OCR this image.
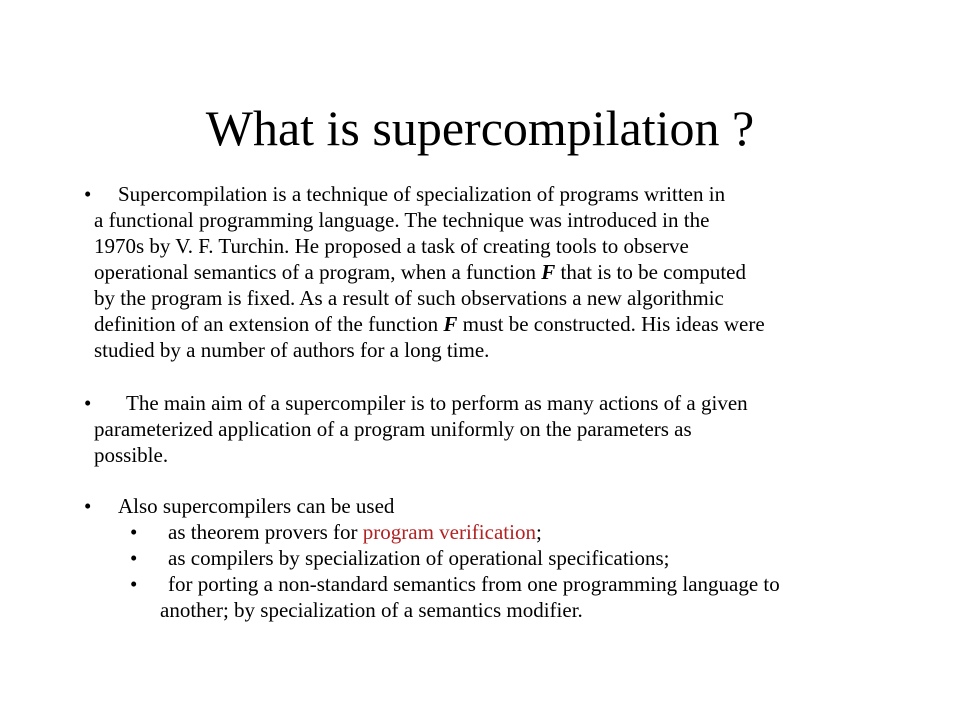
What is supercompilation ?
• Supercompilation is a technique of specialization of programs written in
a functional programming language. The technique was introduced in the
1970s by V. F. Turchin. He proposed a task of creating tools to observe
operational semantics of a program, when a function F that is to be computed
by the program is fixed. As a result of such observations a new algorithmic
definition of an extension of the function F must be constructed. His ideas were
studied by a number of authors for a long time.
• The main aim of a supercompiler is to perform as many actions of a given
parameterized application of a program uniformly on the parameters as
possible.
• Also supercompilers can be used
• as theorem provers for program verification;
• as compilers by specialization of operational specifications;
• for porting a non-standard semantics from one programming language to
another; by specialization of a semantics modifier.
